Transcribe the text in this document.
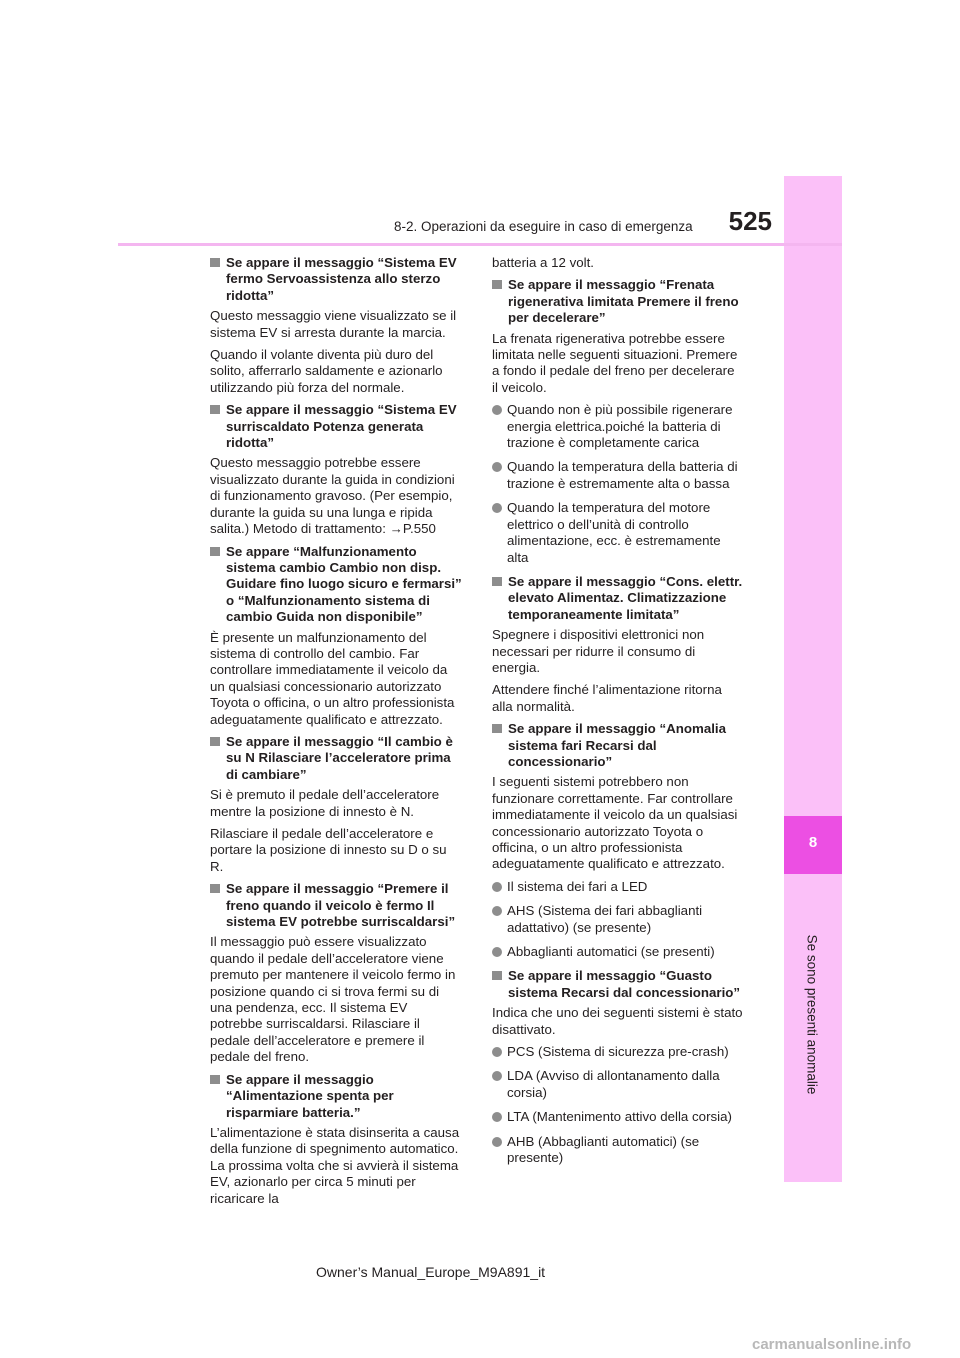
8
Se sono presenti anomalie
8-2. Operazioni da eseguire in caso di emergenza	525
Se appare il messaggio “Sistema EV fermo Servoassistenza allo sterzo ridotta”
Questo messaggio viene visualizzato se il sistema EV si arresta durante la marcia.
Quando il volante diventa più duro del solito, afferrarlo saldamente e azionarlo utilizzando più forza del normale.
Se appare il messaggio “Sistema EV surriscaldato Potenza generata ridotta”
Questo messaggio potrebbe essere visualizzato durante la guida in condizioni di funzionamento gravoso. (Per esempio, durante la guida su una lunga e ripida salita.) Metodo di trattamento: →P.550
Se appare “Malfunzionamento sistema cambio Cambio non disp. Guidare fino luogo sicuro e fermarsi” o “Malfunzionamento sistema di cambio Guida non disponibile”
È presente un malfunzionamento del sistema di controllo del cambio. Far controllare immediatamente il veicolo da un qualsiasi concessionario autorizzato Toyota o officina, o un altro professionista adeguatamente qualificato e attrezzato.
Se appare il messaggio “Il cambio è su N Rilasciare l’acceleratore prima di cambiare”
Si è premuto il pedale dell’acceleratore mentre la posizione di innesto è N.
Rilasciare il pedale dell’acceleratore e portare la posizione di innesto su D o su R.
Se appare il messaggio “Premere il freno quando il veicolo è fermo Il sistema EV potrebbe surriscaldarsi”
Il messaggio può essere visualizzato quando il pedale dell’acceleratore viene premuto per mantenere il veicolo fermo in posizione quando ci si trova fermi su di una pendenza, ecc. Il sistema EV potrebbe surriscaldarsi. Rilasciare il pedale dell’acceleratore e premere il pedale del freno.
Se appare il messaggio “Alimentazione spenta per risparmiare batteria.”
L’alimentazione è stata disinserita a causa della funzione di spegnimento automatico. La prossima volta che si avvierà il sistema EV, azionarlo per circa 5 minuti per ricaricare la
batteria a 12 volt.
Se appare il messaggio “Frenata rigenerativa limitata Premere il freno per decelerare”
La frenata rigenerativa potrebbe essere limitata nelle seguenti situazioni. Premere a fondo il pedale del freno per decelerare il veicolo.
Quando non è più possibile rigenerare energia elettrica.poiché la batteria di trazione è completamente carica
Quando la temperatura della batteria di trazione è estremamente alta o bassa
Quando la temperatura del motore elettrico o dell’unità di controllo alimentazione, ecc. è estremamente alta
Se appare il messaggio “Cons. elettr. elevato Alimentaz. Climatizzazione temporaneamente limitata”
Spegnere i dispositivi elettronici non necessari per ridurre il consumo di energia.
Attendere finché l’alimentazione ritorna alla normalità.
Se appare il messaggio “Anomalia sistema fari Recarsi dal concessionario”
I seguenti sistemi potrebbero non funzionare correttamente. Far controllare immediatamente il veicolo da un qualsiasi concessionario autorizzato Toyota o officina, o un altro professionista adeguatamente qualificato e attrezzato.
Il sistema dei fari a LED
AHS (Sistema dei fari abbaglianti adattativo) (se presente)
Abbaglianti automatici (se presenti)
Se appare il messaggio “Guasto sistema Recarsi dal concessionario”
Indica che uno dei seguenti sistemi è stato disattivato.
PCS (Sistema di sicurezza pre-crash)
LDA (Avviso di allontanamento dalla corsia)
LTA (Mantenimento attivo della corsia)
AHB (Abbaglianti automatici) (se presente)
Owner’s Manual_Europe_M9A891_it
carmanualsonline.info
